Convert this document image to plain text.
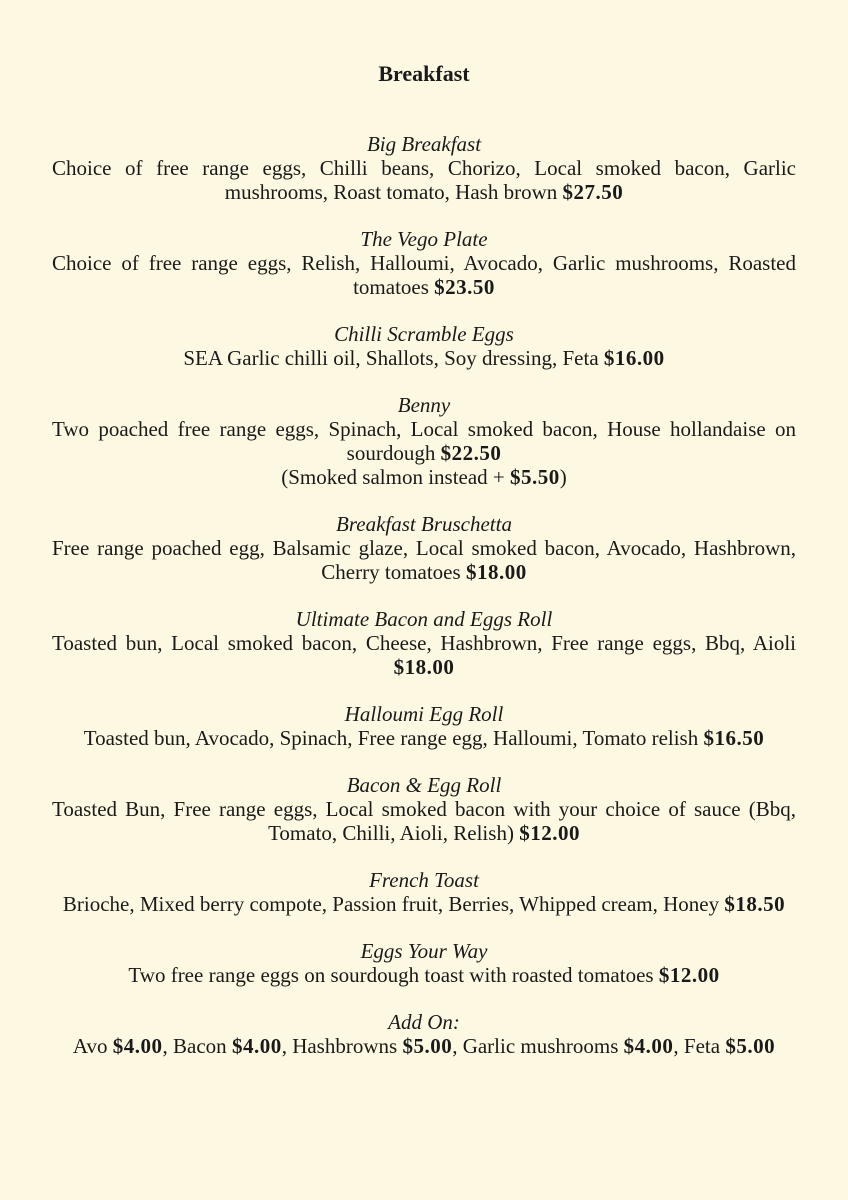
Breakfast
Big Breakfast
Choice of free range eggs, Chilli beans, Chorizo, Local smoked bacon, Garlic mushrooms, Roast tomato, Hash brown $27.50
The Vego Plate
Choice of free range eggs, Relish, Halloumi, Avocado, Garlic mushrooms, Roasted tomatoes $23.50
Chilli Scramble Eggs
SEA Garlic chilli oil, Shallots, Soy dressing, Feta $16.00
Benny
Two poached free range eggs, Spinach, Local smoked bacon, House hollandaise on sourdough $22.50
(Smoked salmon instead + $5.50)
Breakfast Bruschetta
Free range poached egg, Balsamic glaze, Local smoked bacon, Avocado, Hashbrown, Cherry tomatoes $18.00
Ultimate Bacon and Eggs Roll
Toasted bun, Local smoked bacon, Cheese, Hashbrown, Free range eggs, Bbq, Aioli $18.00
Halloumi Egg Roll
Toasted bun, Avocado, Spinach, Free range egg, Halloumi, Tomato relish $16.50
Bacon & Egg Roll
Toasted Bun, Free range eggs, Local smoked bacon with your choice of sauce (Bbq, Tomato, Chilli, Aioli, Relish) $12.00
French Toast
Brioche, Mixed berry compote, Passion fruit, Berries, Whipped cream, Honey $18.50
Eggs Your Way
Two free range eggs on sourdough toast with roasted tomatoes $12.00
Add On:
Avo $4.00, Bacon $4.00, Hashbrowns $5.00, Garlic mushrooms $4.00, Feta $5.00
